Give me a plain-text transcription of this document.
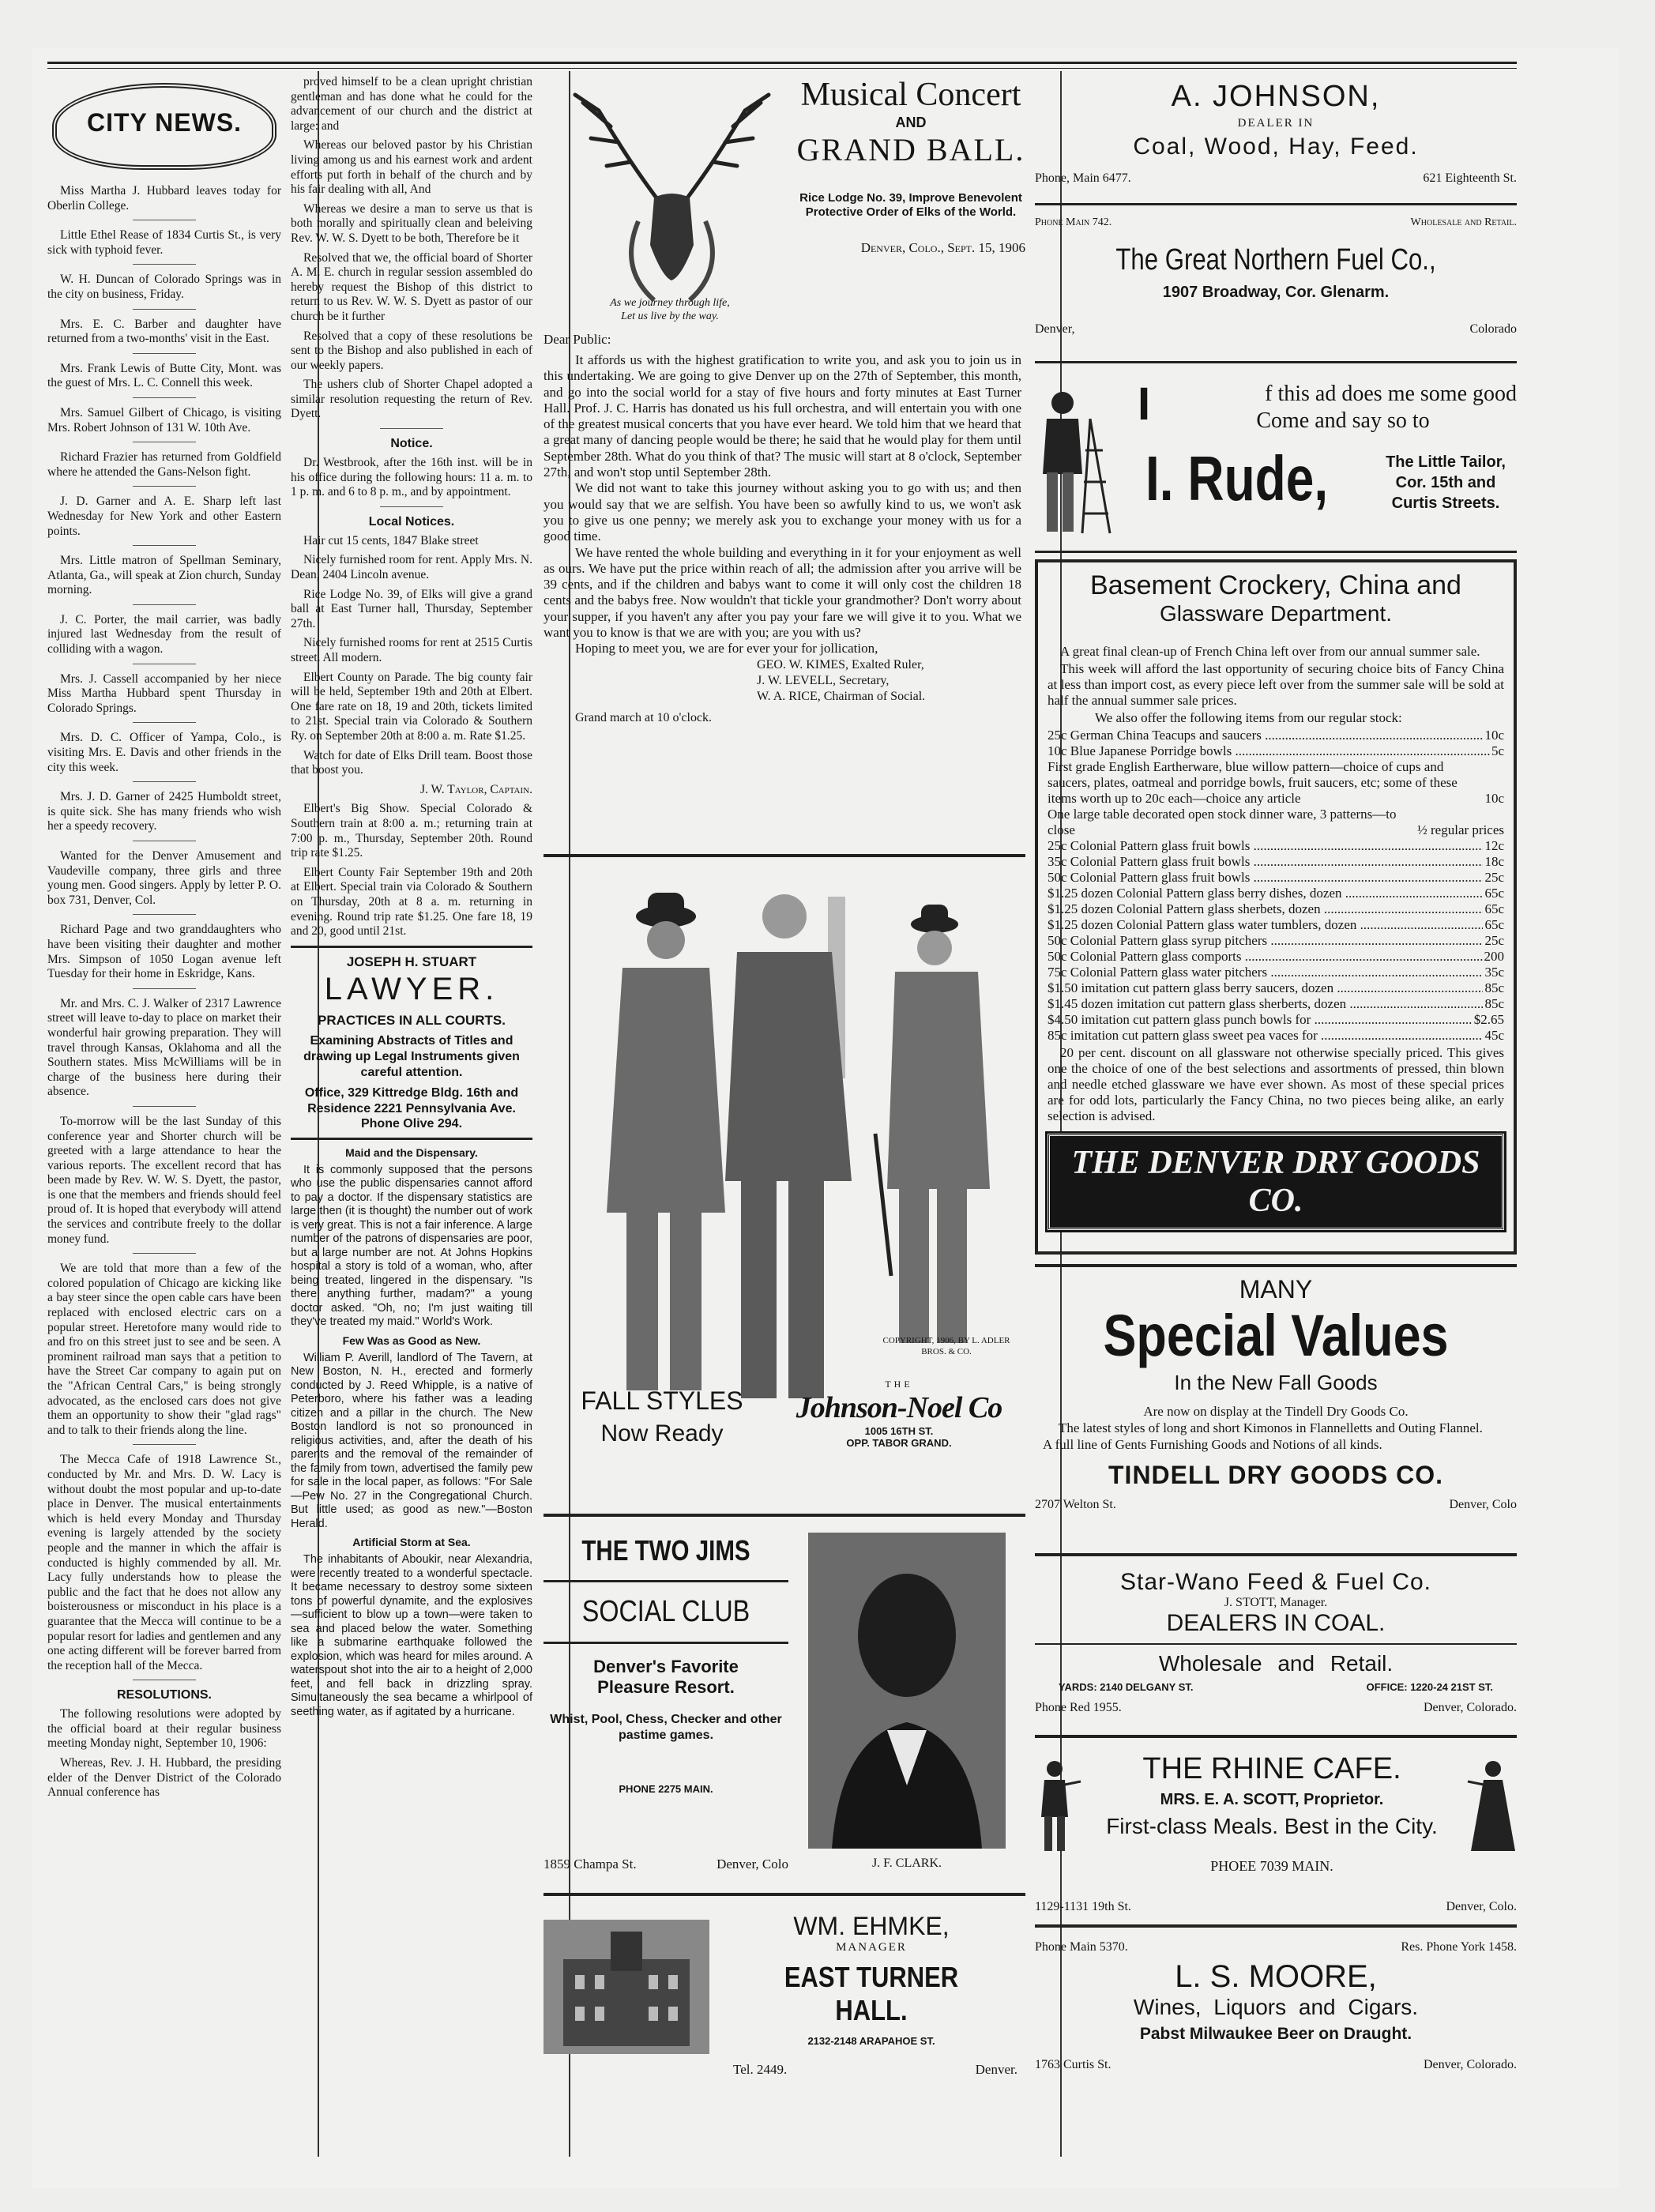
CITY NEWS.

Miss Martha J. Hubbard leaves today for Oberlin College.

Little Ethel Rease of 1834 Curtis St., is very sick with typhoid fever.

W. H. Duncan of Colorado Springs was in the city on business, Friday.

Mrs. E. C. Barber and daughter have returned from a two-months' visit in the East.

Mrs. Frank Lewis of Butte City, Mont. was the guest of Mrs. L. C. Connell this week.

Mrs. Samuel Gilbert of Chicago, is visiting Mrs. Robert Johnson of 131 W. 10th Ave.

Richard Frazier has returned from Goldfield where he attended the Gans-Nelson fight.

J. D. Garner and A. E. Sharp left last Wednesday for New York and other Eastern points.

Mrs. Little matron of Spellman Seminary, Atlanta, Ga., will speak at Zion church, Sunday morning.

J. C. Porter, the mail carrier, was badly injured last Wednesday from the result of colliding with a wagon.

Mrs. J. Cassell accompanied by her niece Miss Martha Hubbard spent Thursday in Colorado Springs.

Mrs. D. C. Officer of Yampa, Colo., is visiting Mrs. E. Davis and other friends in the city this week.

Mrs. J. D. Garner of 2425 Humboldt street, is quite sick. She has many friends who wish her a speedy recovery.

Wanted for the Denver Amusement and Vaudeville company, three girls and three young men. Good singers. Apply by letter P. O. box 731, Denver, Col.

Richard Page and two granddaughters who have been visiting their daughter and mother Mrs. Simpson of 1050 Logan avenue left Tuesday for their home in Eskridge, Kans.

Mr. and Mrs. C. J. Walker of 2317 Lawrence street will leave to-day to place on market their wonderful hair growing preparation. They will travel through Kansas, Oklahoma and all the Southern states. Miss McWilliams will be in charge of the business here during their absence.

To-morrow will be the last Sunday of this conference year and Shorter church will be greeted with a large attendance to hear the various reports. The excellent record that has been made by Rev. W. W. S. Dyett, the pastor, is one that the members and friends should feel proud of. It is hoped that everybody will attend the services and contribute freely to the dollar money fund.

We are told that more than a few of the colored population of Chicago are kicking like a bay steer since the open cable cars have been replaced with enclosed electric cars on a popular street. Heretofore many would ride to and fro on this street just to see and be seen. A prominent railroad man says that a petition to have the Street Car company to again put on the "African Central Cars," is being strongly advocated, as the enclosed cars does not give them an opportunity to show their "glad rags" and to talk to their friends along the line.

The Mecca Cafe of 1918 Lawrence St., conducted by Mr. and Mrs. D. W. Lacy is without doubt the most popular and up-to-date place in Denver. The musical entertainments which is held every Monday and Thursday evening is largely attended by the society people and the manner in which the affair is conducted is highly commended by all. Mr. Lacy fully understands how to please the public and the fact that he does not allow any boisterousness or misconduct in his place is a guarantee that the Mecca will continue to be a popular resort for ladies and gentlemen and any one acting different will be forever barred from the reception hall of the Mecca.

RESOLUTIONS.

The following resolutions were adopted by the official board at their regular business meeting Monday night, September 10, 1906:

Whereas, Rev. J. H. Hubbard, the presiding elder of the Denver District of the Colorado Annual conference has

proved himself to be a clean upright christian gentleman and has done what he could for the advancement of our church and the district at large: and

Whereas our beloved pastor by his Christian living among us and his earnest work and ardent efforts put forth in behalf of the church and by his fair dealing with all, And

Whereas we desire a man to serve us that is both morally and spiritually clean and beleiving Rev. W. W. S. Dyett to be both, Therefore be it

Resolved that we, the official board of Shorter A. M. E. church in regular session assembled do hereby request the Bishop of this district to return to us Rev. W. W. S. Dyett as pastor of our church be it further

Resolved that a copy of these resolutions be sent to the Bishop and also published in each of our weekly papers.

The ushers club of Shorter Chapel adopted a similar resolution requesting the return of Rev. Dyett.

Notice.

Dr. Westbrook, after the 16th inst. will be in his office during the following hours: 11 a. m. to 1 p. m. and 6 to 8 p. m., and by appointment.

Local Notices.

Hair cut 15 cents, 1847 Blake street

Nicely furnished room for rent. Apply Mrs. N. Dean, 2404 Lincoln avenue.

Rice Lodge No. 39, of Elks will give a grand ball at East Turner hall, Thursday, September 27th.

Nicely furnished rooms for rent at 2515 Curtis street. All modern.

Elbert County on Parade. The big county fair will be held, September 19th and 20th at Elbert. One fare rate on 18, 19 and 20th, tickets limited to 21st. Special train via Colorado & Southern Ry. on September 20th at 8:00 a. m. Rate $1.25.

Watch for date of Elks Drill team. Boost those that boost you.

J. W. Taylor, Captain.

Elbert's Big Show. Special Colorado & Southern train at 8:00 a. m.; returning train at 7:00 p. m., Thursday, September 20th. Round trip rate $1.25.

Elbert County Fair September 19th and 20th at Elbert. Special train via Colorado & Southern on Thursday, 20th at 8 a. m. returning in evening. Round trip rate $1.25. One fare 18, 19 and 20, good until 21st.

JOSEPH H. STUART
LAWYER.
PRACTICES IN ALL COURTS.
Examining Abstracts of Titles and drawing up Legal Instruments given careful attention.
Office, 329 Kittredge Bldg. 16th and Residence 2221 Pennsylvania Ave.
Phone Olive 294.
Maid and the Dispensary.

It is commonly supposed that the persons who use the public dispensaries cannot afford to pay a doctor. If the dispensary statistics are large then (it is thought) the number out of work is very great. This is not a fair inference. A large number of the patrons of dispensaries are poor, but a large number are not. At Johns Hopkins hospital a story is told of a woman, who, after being treated, lingered in the dispensary. "Is there anything further, madam?" a young doctor asked. "Oh, no; I'm just waiting till they've treated my maid." World's Work.

Few Was as Good as New.

William P. Averill, landlord of The Tavern, at New Boston, N. H., erected and formerly conducted by J. Reed Whipple, is a native of Peterboro, where his father was a leading citizen and a pillar in the church. The New Boston landlord is not so pronounced in religious activities, and, after the death of his parents and the removal of the remainder of the family from town, advertised the family pew for sale in the local paper, as follows: "For Sale—Pew No. 27 in the Congregational Church. But little used; as good as new."—Boston Herald.

Artificial Storm at Sea.

The inhabitants of Aboukir, near Alexandria, were recently treated to a wonderful spectacle. It became necessary to destroy some sixteen tons of powerful dynamite, and the explosives —sufficient to blow up a town—were taken to sea and placed below the water. Something like a submarine earthquake followed the explosion, which was heard for miles around. A waterspout shot into the air to a height of 2,000 feet, and fell back in drizzling spray. Simultaneously the sea became a whirlpool of seething water, as if agitated by a hurricane.

As we journey through life,
Let us live by the way.
Musical Concert
AND
GRAND BALL.
Rice Lodge No. 39, Improve Benevolent Protective Order of Elks of the World.
Denver, Colo., Sept. 15, 1906
Dear Public:

It affords us with the highest gratification to write you, and ask you to join us in this undertaking. We are going to give Denver up on the 27th of September, this month, and go into the social world for a stay of five hours and forty minutes at East Turner Hall. Prof. J. C. Harris has donated us his full orchestra, and will entertain you with one of the greatest musical concerts that you have ever heard. We told him that we heard that a great many of dancing people would be there; he said that he would play for them until September 28th. What do you think of that? The music will start at 8 o'clock, September 27th, and won't stop until September 28th.

We did not want to take this journey without asking you to go with us; and then you would say that we are selfish. You have been so awfully kind to us, we won't ask you to give us one penny; we merely ask you to exchange your money with us for a good time.

We have rented the whole building and everything in it for your enjoyment as well as ours. We have put the price within reach of all; the admission after you arrive will be 39 cents, and if the children and babys want to come it will only cost the children 18 cents and the babys free. Now wouldn't that tickle your grandmother? Don't worry about your supper, if you haven't any after you pay your fare we will give it to you. What we want you to know is that we are with you; are you with us?

Hoping to meet you, we are for ever your for jollication,

GEO. W. KIMES, Exalted Ruler,
J. W. LEVELL, Secretary,
W. A. RICE, Chairman of Social.
Grand march at 10 o'clock.
COPYRIGHT, 1906, BY L. ADLER BROS. & CO.
FALL STYLES
Now Ready
THE
Johnson-Noel Co
1005 16TH ST.
OPP. TABOR GRAND.
THE TWO JIMS
SOCIAL CLUB
Denver's Favorite
Pleasure Resort.
Whist, Pool, Chess, Checker and other pastime games.
PHONE 2275 MAIN.
1859 Champa St.	Denver, Colo	J. F. CLARK.
WM. EHMKE,
MANAGER
EAST TURNER HALL.
2132-2148 ARAPAHOE ST.
Tel. 2449.	Denver.
A. JOHNSON,
DEALER IN
Coal, Wood, Hay, Feed.
Phone, Main 6477.	621 Eighteenth St.
Phone Main 742.	Wholesale and Retail.
The Great Northern Fuel Co.,
1907 Broadway, Cor. Glenarm.
Denver,	Colorado
I	f this ad does me some good
Come and say so to
I. Rude,	The Little Tailor,
Cor. 15th and
Curtis Streets.
Basement Crockery, China and
Glassware Department.

A great final clean-up of French China left over from our annual summer sale.

This week will afford the last opportunity of securing choice bits of Fancy China at less than import cost, as every piece left over from the summer sale will be sold at half the annual summer sale prices.

We also offer the following items from our regular stock:

25c German China Teacups and saucers .....	10c
10c Blue Japanese Porridge bowls .....	5c
First grade English Eartherware, blue willow pattern—choice of cups and saucers, plates, oatmeal and porridge bowls, fruit saucers, etc; some of these items worth up to 20c each—choice any article	10c
One large table decorated open stock dinner ware, 3 patterns—to close	½ regular prices
25c Colonial Pattern glass fruit bowls .....	12c
35c Colonial Pattern glass fruit bowls .....	18c
50c Colonial Pattern glass fruit bowls .....	25c
$1.25 dozen Colonial Pattern glass berry dishes, dozen .....	65c
$1.25 dozen Colonial Pattern glass sherbets, dozen .....	65c
$1.25 dozen Colonial Pattern glass water tumblers, dozen .....	65c
50c Colonial Pattern glass syrup pitchers .....	25c
50c Colonial Pattern glass comports .....	200
75c Colonial Pattern glass water pitchers .....	35c
$1.50 imitation cut pattern glass berry saucers, dozen .....	85c
$1.45 dozen imitation cut pattern glass sherberts, dozen .....	85c
$4.50 imitation cut pattern glass punch bowls for .....	$2.65
85c imitation cut pattern glass sweet pea vaces for .....	45c

20 per cent. discount on all glassware not otherwise specially priced. This gives one the choice of one of the best selections and assortments of pressed, thin blown and needle etched glassware we have ever shown. As most of these special prices are for odd lots, particularly the Fancy China, no two pieces being alike, an early selection is advised.

THE DENVER DRY GOODS CO.
MANY
Special Values
In the New Fall Goods
Are now on display at the Tindell Dry Goods Co.
The latest styles of long and short Kimonos in Flannelletts and Outing Flannel.
A full line of Gents Furnishing Goods and Notions of all kinds.
TINDELL DRY GOODS CO.
2707 Welton St.	Denver, Colo
Star-Wano Feed & Fuel Co.
J. STOTT, Manager.
DEALERS IN COAL.
Wholesale and Retail.
YARDS: 2140 DELGANY ST.	OFFICE: 1220-24 21ST ST.
Phone Red 1955.	Denver, Colorado.
THE RHINE CAFE.
MRS. E. A. SCOTT, Proprietor.
First-class Meals. Best in the City.
PHOEE 7039 MAIN.
1129-1131 19th St.	Denver, Colo.
Phone Main 5370.	Res. Phone York 1458.
L. S. MOORE,
Wines, Liquors and Cigars.
Pabst Milwaukee Beer on Draught.
1763 Curtis St.	Denver, Colorado.
